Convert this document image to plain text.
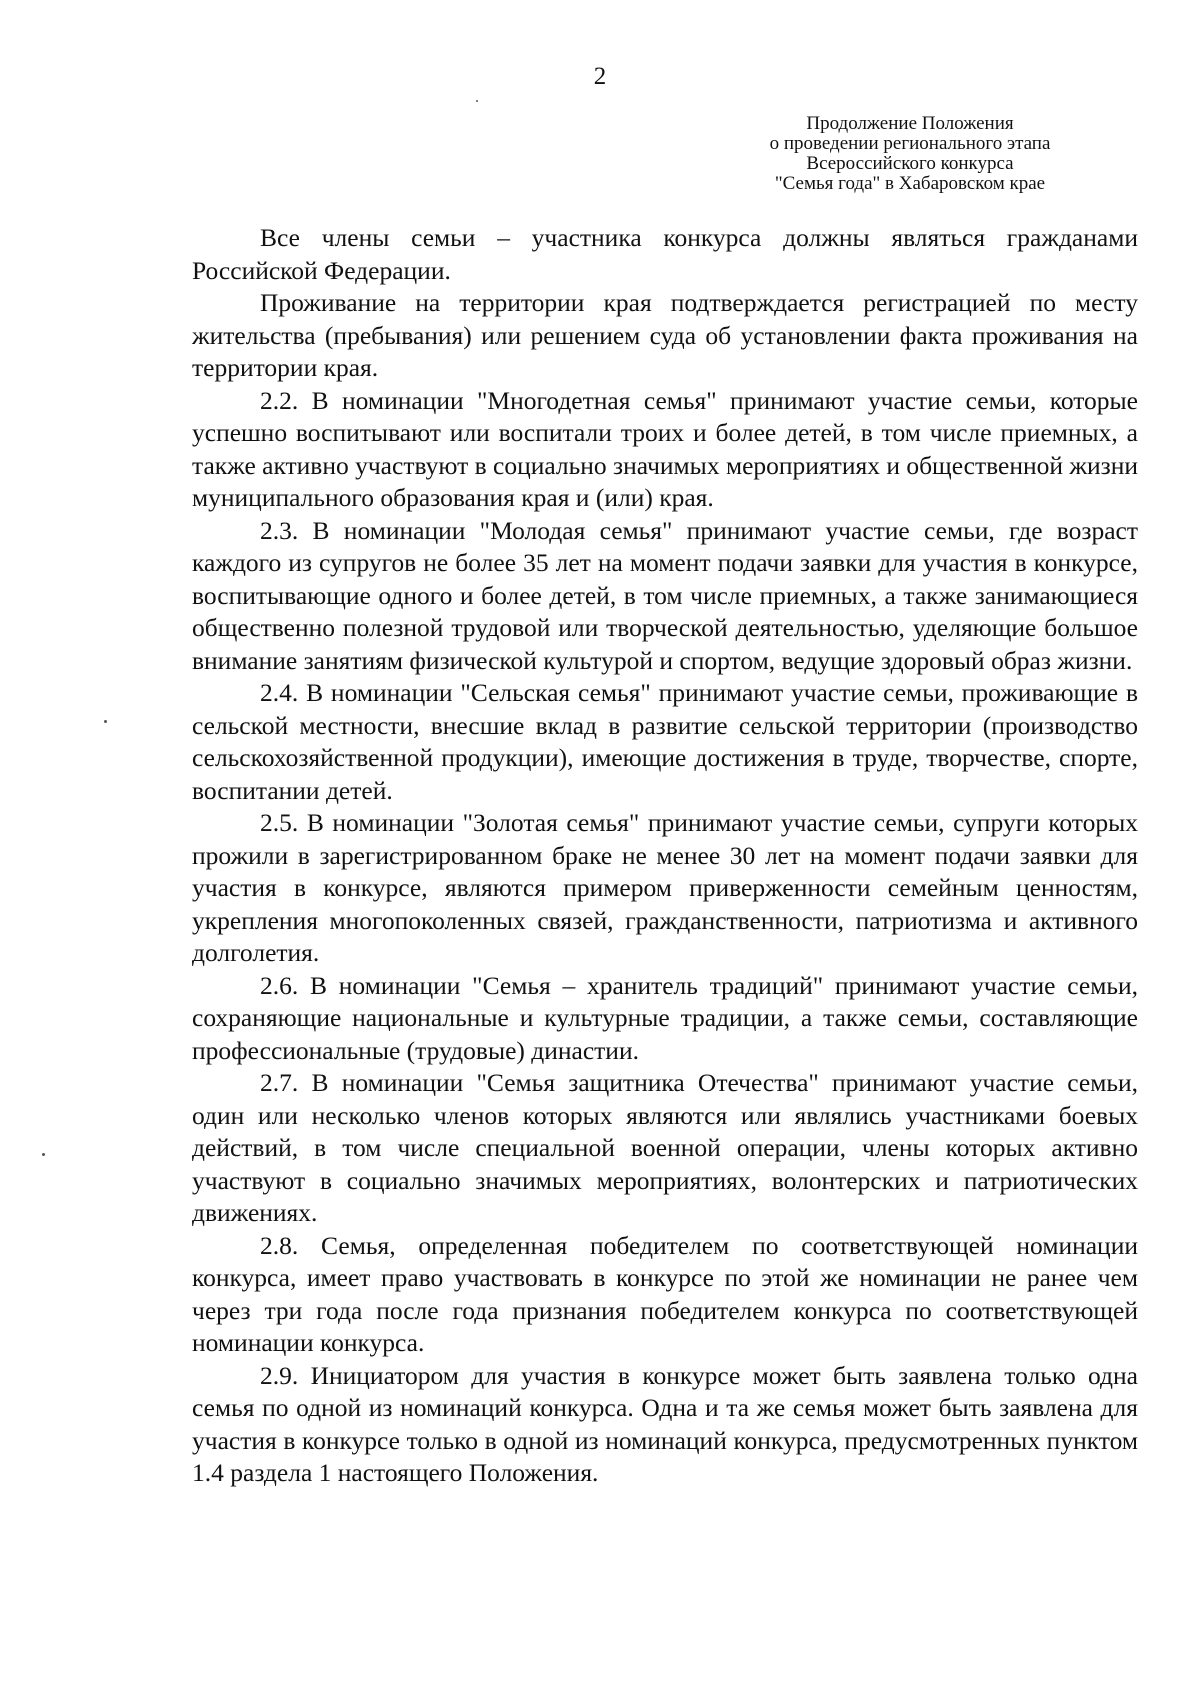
2
Продолжение Положения
о проведении регионального этапа
Всероссийского конкурса
"Семья года" в Хабаровском крае

Все члены семьи – участника конкурса должны являться гражданами Российской Федерации.

Проживание на территории края подтверждается регистрацией по месту жительства (пребывания) или решением суда об установлении факта проживания на территории края.

2.2. В номинации "Многодетная семья" принимают участие семьи, которые успешно воспитывают или воспитали троих и более детей, в том числе приемных, а также активно участвуют в социально значимых мероприятиях и общественной жизни муниципального образования края и (или) края.

2.3. В номинации "Молодая семья" принимают участие семьи, где возраст каждого из супругов не более 35 лет на момент подачи заявки для участия в конкурсе, воспитывающие одного и более детей, в том числе приемных, а также занимающиеся общественно полезной трудовой или творческой деятельностью, уделяющие большое внимание занятиям физической культурой и спортом, ведущие здоровый образ жизни.

2.4. В номинации "Сельская семья" принимают участие семьи, проживающие в сельской местности, внесшие вклад в развитие сельской территории (производство сельскохозяйственной продукции), имеющие достижения в труде, творчестве, спорте, воспитании детей.

2.5. В номинации "Золотая семья" принимают участие семьи, супруги которых прожили в зарегистрированном браке не менее 30 лет на момент подачи заявки для участия в конкурсе, являются примером приверженности семейным ценностям, укрепления многопоколенных связей, гражданственности, патриотизма и активного долголетия.

2.6. В номинации "Семья – хранитель традиций" принимают участие семьи, сохраняющие национальные и культурные традиции, а также семьи, составляющие профессиональные (трудовые) династии.

2.7. В номинации "Семья защитника Отечества" принимают участие семьи, один или несколько членов которых являются или являлись участниками боевых действий, в том числе специальной военной операции, члены которых активно участвуют в социально значимых мероприятиях, волонтерских и патриотических движениях.

2.8. Семья, определенная победителем по соответствующей номинации конкурса, имеет право участвовать в конкурсе по этой же номинации не ранее чем через три года после года признания победителем конкурса по соответствующей номинации конкурса.

2.9. Инициатором для участия в конкурсе может быть заявлена только одна семья по одной из номинаций конкурса. Одна и та же семья может быть заявлена для участия в конкурсе только в одной из номинаций конкурса, предусмотренных пунктом 1.4 раздела 1 настоящего Положения.
